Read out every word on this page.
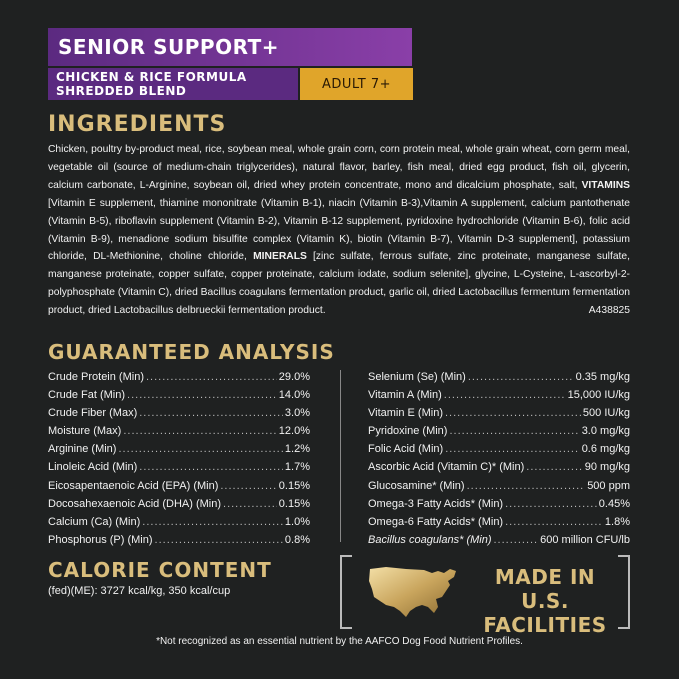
SENIOR SUPPORT+
CHICKEN & RICE FORMULA
SHREDDED BLEND	ADULT 7+
INGREDIENTS
Chicken, poultry by-product meal, rice, soybean meal, whole grain corn, corn protein meal, whole grain wheat, corn germ meal, vegetable oil (source of medium-chain triglycerides), natural flavor, barley, fish meal, dried egg product, fish oil, glycerin, calcium carbonate, L-Arginine, soybean oil, dried whey protein concentrate, mono and dicalcium phosphate, salt, VITAMINS [Vitamin E supplement, thiamine mononitrate (Vitamin B-1), niacin (Vitamin B-3),Vitamin A supplement, calcium pantothenate (Vitamin B-5), riboflavin supplement (Vitamin B-2), Vitamin B-12 supplement, pyridoxine hydrochloride (Vitamin B-6), folic acid (Vitamin B-9), menadione sodium bisulfite complex (Vitamin K), biotin (Vitamin B-7), Vitamin D-3 supplement], potassium chloride, DL-Methionine, choline chloride, MINERALS [zinc sulfate, ferrous sulfate, zinc proteinate, manganese sulfate, manganese proteinate, copper sulfate, copper proteinate, calcium iodate, sodium selenite], glycine, L-Cysteine, L-ascorbyl-2-polyphosphate (Vitamin C), dried Bacillus coagulans fermentation product, garlic oil, dried Lactobacillus fermentum fermentation product, dried Lactobacillus delbrueckii fermentation product.	A438825
GUARANTEED ANALYSIS
Crude Protein (Min) .....	29.0%
Crude Fat (Min) .....	14.0%
Crude Fiber (Max) .....	3.0%
Moisture (Max) .....	12.0%
Arginine (Min) .....	1.2%
Linoleic Acid (Min) .....	1.7%
Eicosapentaenoic Acid (EPA) (Min) .....	0.15%
Docosahexaenoic Acid (DHA) (Min) .....	0.15%
Calcium (Ca) (Min) .....	1.0%
Phosphorus (P) (Min) .....	0.8%
Selenium (Se) (Min) .....	0.35 mg/kg
Vitamin A (Min) .....	15,000 IU/kg
Vitamin E (Min) .....	500 IU/kg
Pyridoxine (Min) .....	3.0 mg/kg
Folic Acid (Min) .....	0.6 mg/kg
Ascorbic Acid (Vitamin C)* (Min) .....	90 mg/kg
Glucosamine* (Min) .....	500 ppm
Omega-3 Fatty Acids* (Min) .....	0.45%
Omega-6 Fatty Acids* (Min) .....	1.8%
Bacillus coagulans* (Min) .....	600 million CFU/lb
CALORIE CONTENT
(fed)(ME): 3727 kcal/kg, 350 kcal/cup
MADE IN U.S.
FACILITIES
*Not recognized as an essential nutrient by the AAFCO Dog Food Nutrient Profiles.
